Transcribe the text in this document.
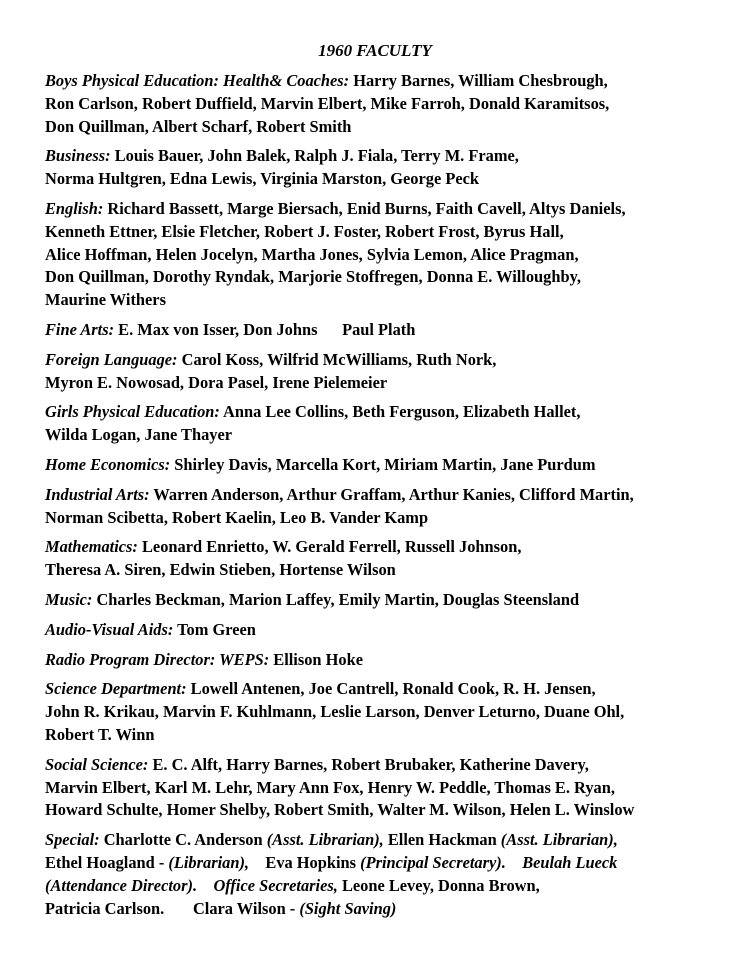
1960 FACULTY

Boys Physical Education: Health& Coaches: Harry Barnes, William Chesbrough,

Ron Carlson, Robert Duffield, Marvin Elbert, Mike Farroh, Donald Karamitsos,

Don Quillman, Albert Scharf, Robert Smith

Business: Louis Bauer, John Balek, Ralph J. Fiala, Terry M. Frame,

Norma Hultgren, Edna Lewis, Virginia Marston, George Peck

English: Richard Bassett, Marge Biersach, Enid Burns, Faith Cavell, Altys Daniels,

Kenneth Ettner, Elsie Fletcher, Robert J. Foster, Robert Frost, Byrus Hall,

Alice Hoffman, Helen Jocelyn, Martha Jones, Sylvia Lemon, Alice Pragman,

Don Quillman, Dorothy Ryndak, Marjorie Stoffregen, Donna E. Willoughby,

Maurine Withers

Fine Arts: E. Max von Isser, Don Johns      Paul Plath

Foreign Language: Carol Koss, Wilfrid McWilliams, Ruth Nork,

Myron E. Nowosad, Dora Pasel, Irene Pielemeier

Girls Physical Education: Anna Lee Collins, Beth Ferguson, Elizabeth Hallet,

Wilda Logan, Jane Thayer

Home Economics: Shirley Davis, Marcella Kort, Miriam Martin, Jane Purdum

Industrial Arts: Warren Anderson, Arthur Graffam, Arthur Kanies, Clifford Martin,

Norman Scibetta, Robert Kaelin, Leo B. Vander Kamp

Mathematics: Leonard Enrietto, W. Gerald Ferrell, Russell Johnson,

Theresa A. Siren, Edwin Stieben, Hortense Wilson

Music: Charles Beckman, Marion Laffey, Emily Martin, Douglas Steensland

Audio-Visual Aids: Tom Green

Radio Program Director: WEPS: Ellison Hoke

Science Department: Lowell Antenen, Joe Cantrell, Ronald Cook, R. H. Jensen,

John R. Krikau, Marvin F. Kuhlmann, Leslie Larson, Denver Leturno, Duane Ohl,

Robert T. Winn

Social Science: E. C. Alft, Harry Barnes, Robert Brubaker, Katherine Davery,

Marvin Elbert, Karl M. Lehr, Mary Ann Fox, Henry W. Peddle, Thomas E. Ryan,

Howard Schulte, Homer Shelby, Robert Smith, Walter M. Wilson, Helen L. Winslow

Special: Charlotte C. Anderson (Asst. Librarian), Ellen Hackman (Asst. Librarian),

Ethel Hoagland - (Librarian),    Eva Hopkins (Principal Secretary).    Beulah Lueck

(Attendance Director).    Office Secretaries, Leone Levey, Donna Brown,

Patricia Carlson.       Clara Wilson - (Sight Saving)
